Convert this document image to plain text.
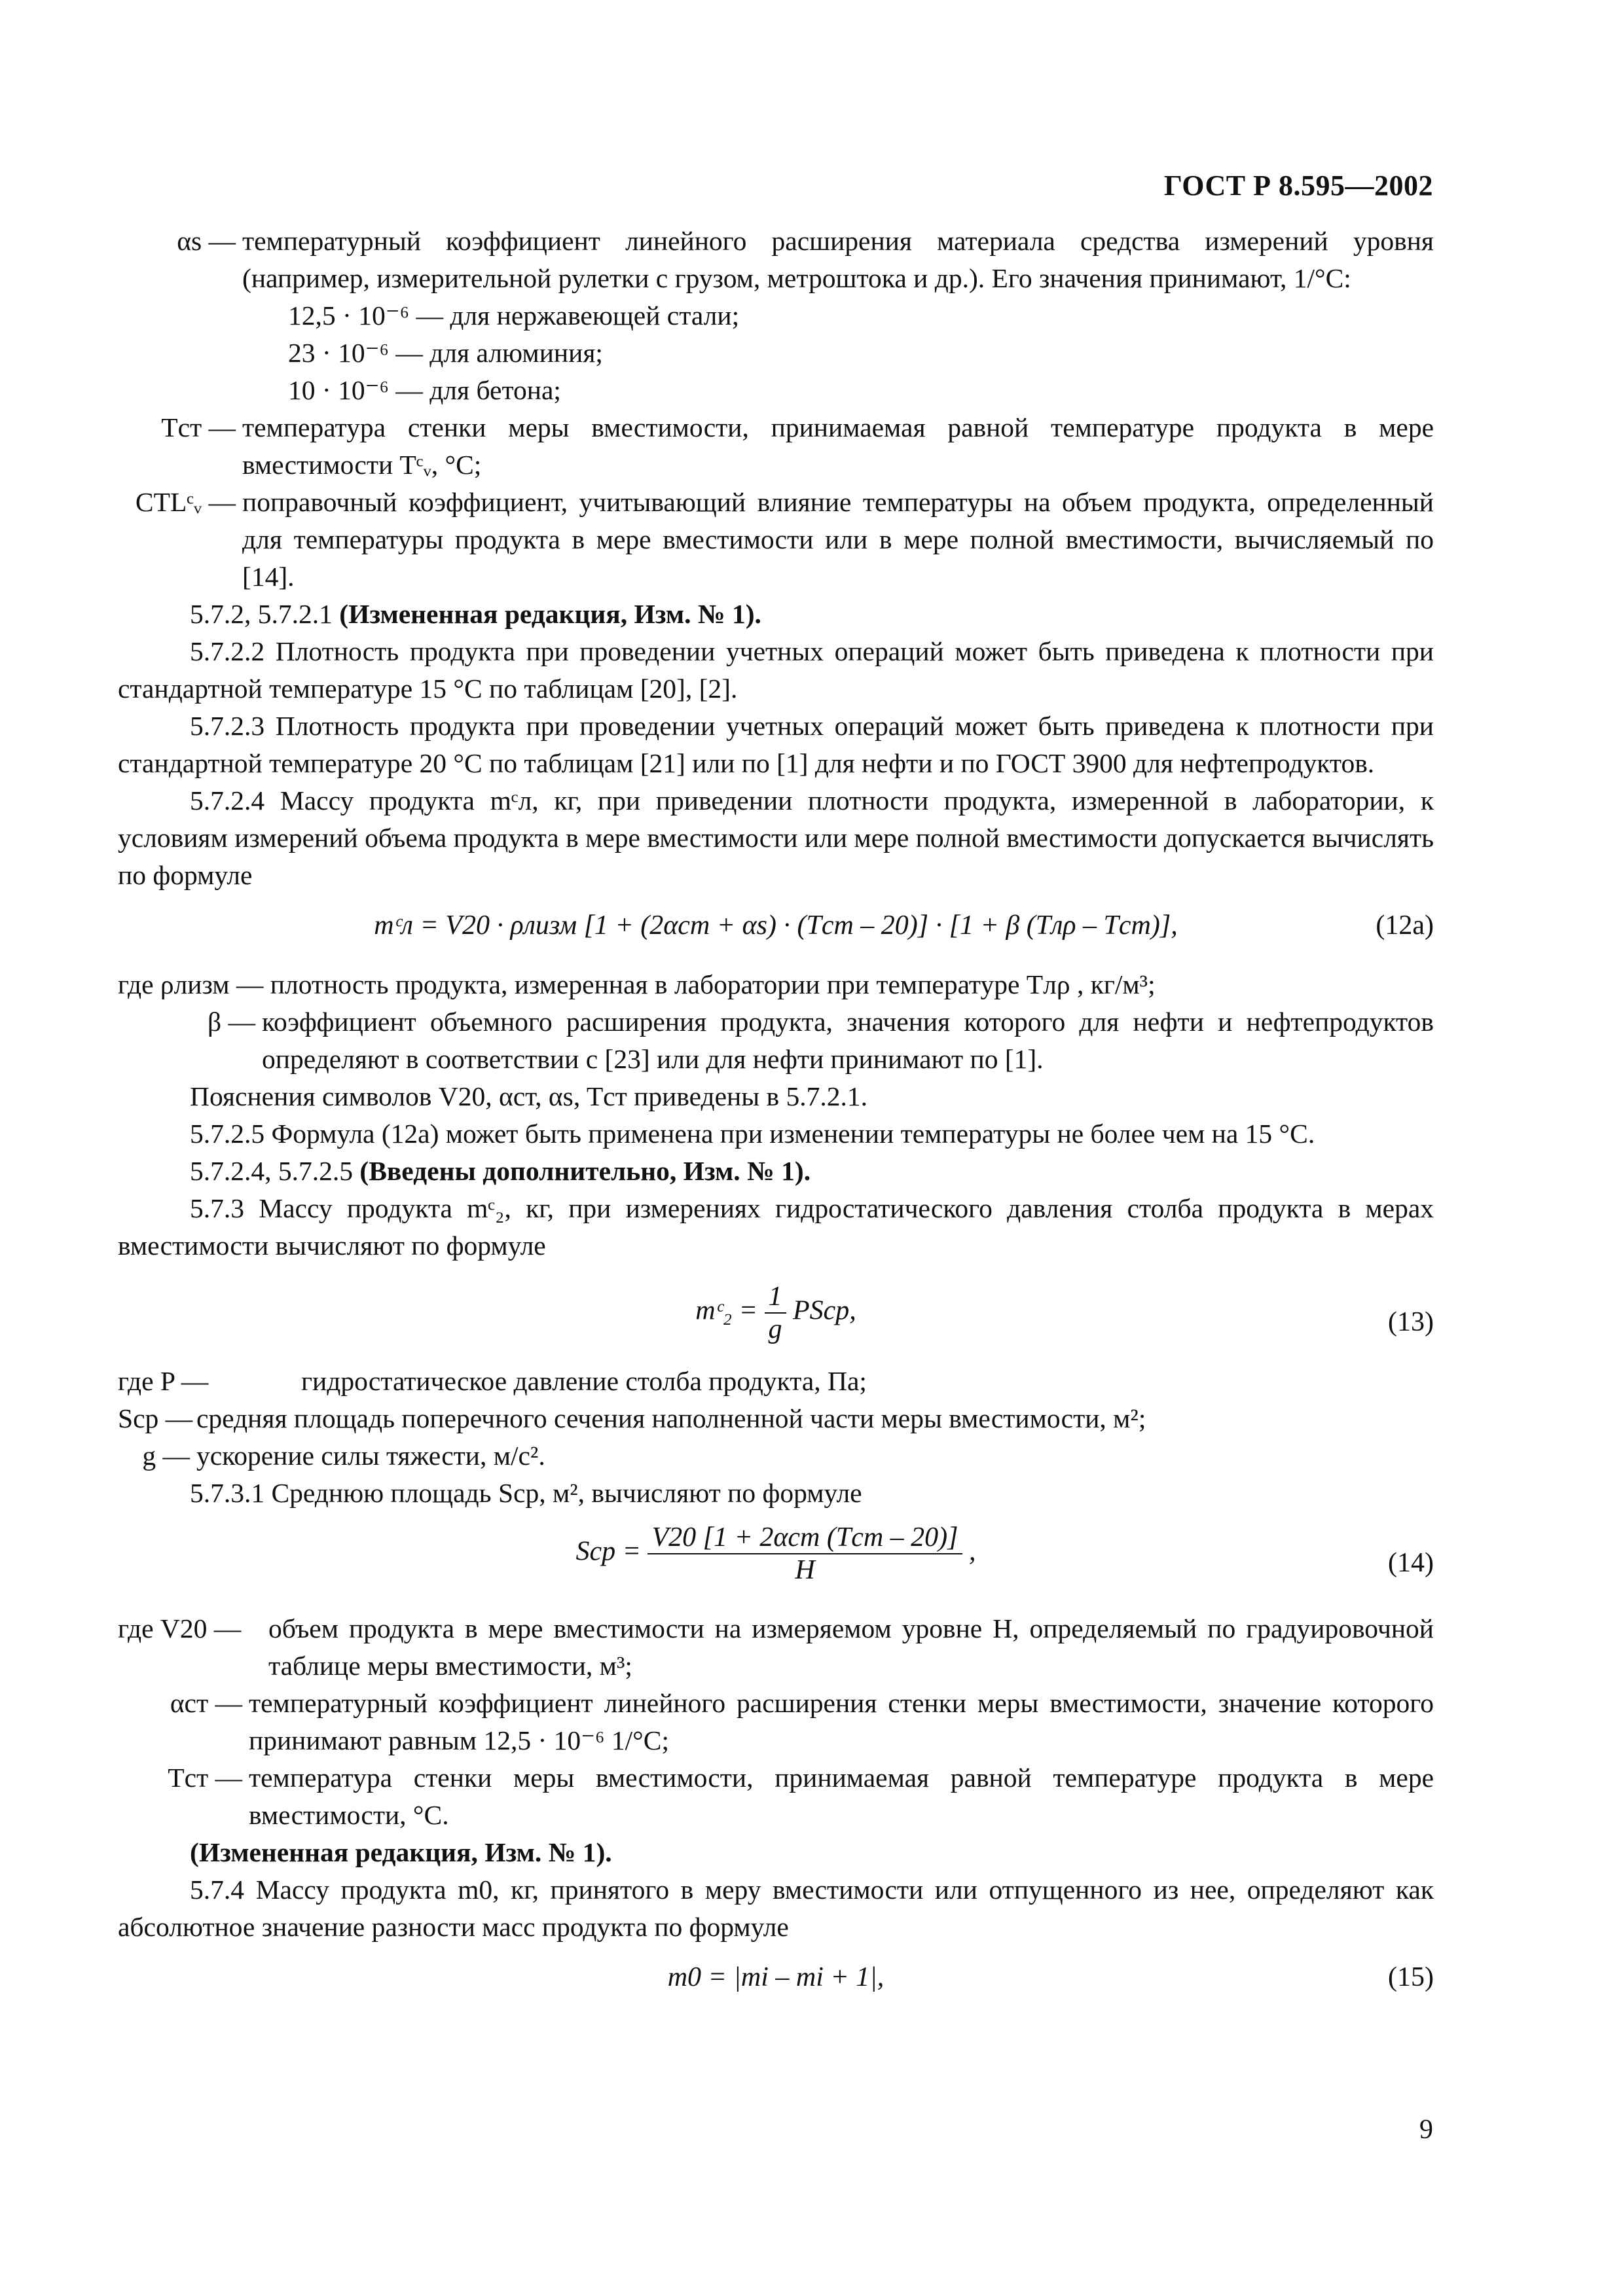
ГОСТ Р 8.595—2002
αs — температурный коэффициент линейного расширения материала средства измерений уровня (например, измерительной рулетки с грузом, метроштока и др.). Его значения принимают, 1/°С:

12,5 · 10⁻⁶ — для нержавеющей стали;

23 · 10⁻⁶ — для алюминия;

10 · 10⁻⁶ — для бетона;

Tст — температура стенки меры вместимости, принимаемая равной температуре продукта в мере вместимости Tᶜᵥ, °С;
CTLᶜᵥ — поправочный коэффициент, учитывающий влияние температуры на объем продукта, определенный для температуры продукта в мере вместимости или в мере полной вместимости, вычисляемый по [14].

5.7.2, 5.7.2.1 (Измененная редакция, Изм. № 1).

5.7.2.2 Плотность продукта при проведении учетных операций может быть приведена к плотности при стандартной температуре 15 °С по таблицам [20], [2].

5.7.2.3 Плотность продукта при проведении учетных операций может быть приведена к плотности при стандартной температуре 20 °С по таблицам [21] или по [1] для нефти и по ГОСТ 3900 для нефтепродуктов.

5.7.2.4 Массу продукта mᶜл, кг, при приведении плотности продукта, измеренной в лаборатории, к условиям измерений объема продукта в мере вместимости или мере полной вместимости допускается вычислять по формуле

mᶜл = V20 · ρлизм [1 + (2αст + αs) · (Tст – 20)] · [1 + β (Tлρ – Tст)],	(12а)

где ρлизм — плотность продукта, измеренная в лаборатории при температуре Tлρ , кг/м³;

β — коэффициент объемного расширения продукта, значения которого для нефти и нефтепродуктов определяют в соответствии с [23] или для нефти принимают по [1].

Пояснения символов V20, αст, αs, Tст приведены в 5.7.2.1.

5.7.2.5 Формула (12а) может быть применена при изменении температуры не более чем на 15 °С.

5.7.2.4, 5.7.2.5 (Введены дополнительно, Изм. № 1).

5.7.3 Массу продукта mᶜ₂, кг, при измерениях гидростатического давления столба продукта в мерах вместимости вычисляют по формуле

mᶜ₂ = $\frac{1}{g}$ PSср,	(13)
где P —	гидростатическое давление столба продукта, Па;
Sср — средняя площадь поперечного сечения наполненной части меры вместимости, м²;
g — ускорение силы тяжести, м/с².

5.7.3.1 Среднюю площадь Sср, м², вычисляют по формуле

Sср = $\frac{\text{V20 [1 + 2αст (Tст – 20)]}}{H}$ ,	(14)
где V20 —	объем продукта в мере вместимости на измеряемом уровне H, определяемый по градуировочной таблице меры вместимости, м³;
αст — температурный коэффициент линейного расширения стенки меры вместимости, значение которого принимают равным 12,5 · 10⁻⁶ 1/°С;
Tст — температура стенки меры вместимости, принимаемая равной температуре продукта в мере вместимости, °С.

(Измененная редакция, Изм. № 1).

5.7.4 Массу продукта m0, кг, принятого в меру вместимости или отпущенного из нее, определяют как абсолютное значение разности масс продукта по формуле

m0 = |mi – mi + 1|,	(15)
9
